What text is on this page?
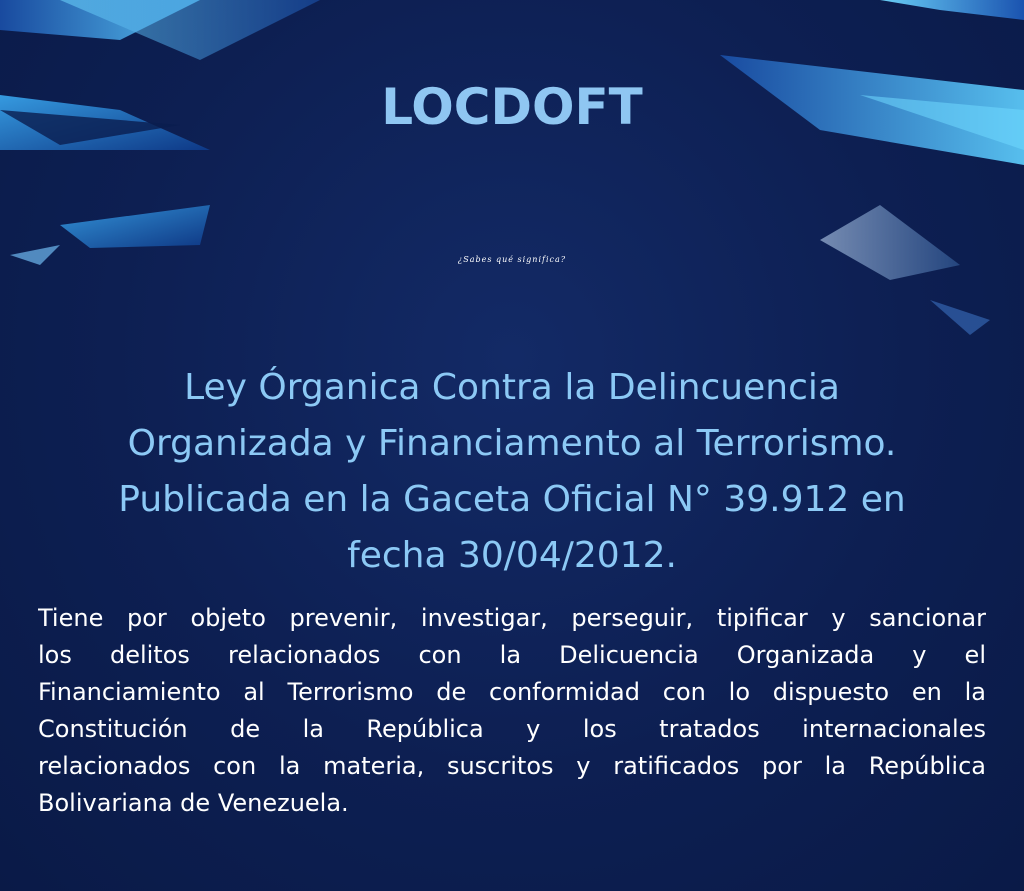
LOCDOFT
¿Sabes qué significa?
Ley Órganica Contra la Delincuencia
Organizada y Financiamento al Terrorismo.
Publicada en la Gaceta Oficial N° 39.912 en
fecha 30/04/2012.
Tiene por objeto prevenir, investigar, perseguir, tipificar y sancionar
los delitos relacionados con la Delicuencia Organizada y el
Financiamiento al Terrorismo de conformidad con lo dispuesto en la
Constitución de la República y los tratados internacionales
relacionados con la materia, suscritos y ratificados por la República
Bolivariana de Venezuela.
